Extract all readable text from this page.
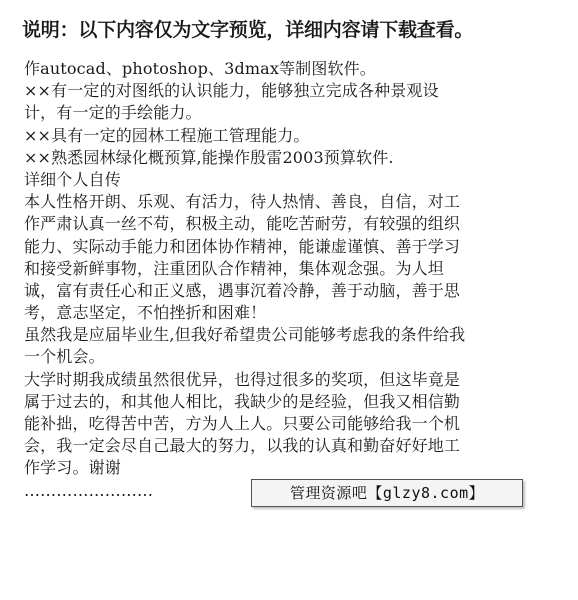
说明：以下内容仅为文字预览，详细内容请下载查看。
作autocad、photoshop、3dmax等制图软件。
××有一定的对图纸的认识能力，能够独立完成各种景观设
计，有一定的手绘能力。
××具有一定的园林工程施工管理能力。
××熟悉园林绿化概预算,能操作殷雷2003预算软件.
详细个人自传
本人性格开朗、乐观、有活力，待人热情、善良，自信，对工
作严肃认真一丝不苟，积极主动，能吃苦耐劳，有较强的组织
能力、实际动手能力和团体协作精神，能谦虚谨慎、善于学习
和接受新鲜事物，注重团队合作精神，集体观念强。为人坦
诚，富有责任心和正义感，遇事沉着冷静，善于动脑，善于思
考，意志坚定，不怕挫折和困难！
虽然我是应届毕业生,但我好希望贵公司能够考虑我的条件给我
一个机会。
大学时期我成绩虽然很优异，也得过很多的奖项，但这毕竟是
属于过去的，和其他人相比，我缺少的是经验，但我又相信勤
能补拙，吃得苦中苦，方为人上人。只要公司能够给我一个机
会，我一定会尽自己最大的努力，以我的认真和勤奋好好地工
作学习。谢谢
……………………	管理资源吧【glzy8.com】
